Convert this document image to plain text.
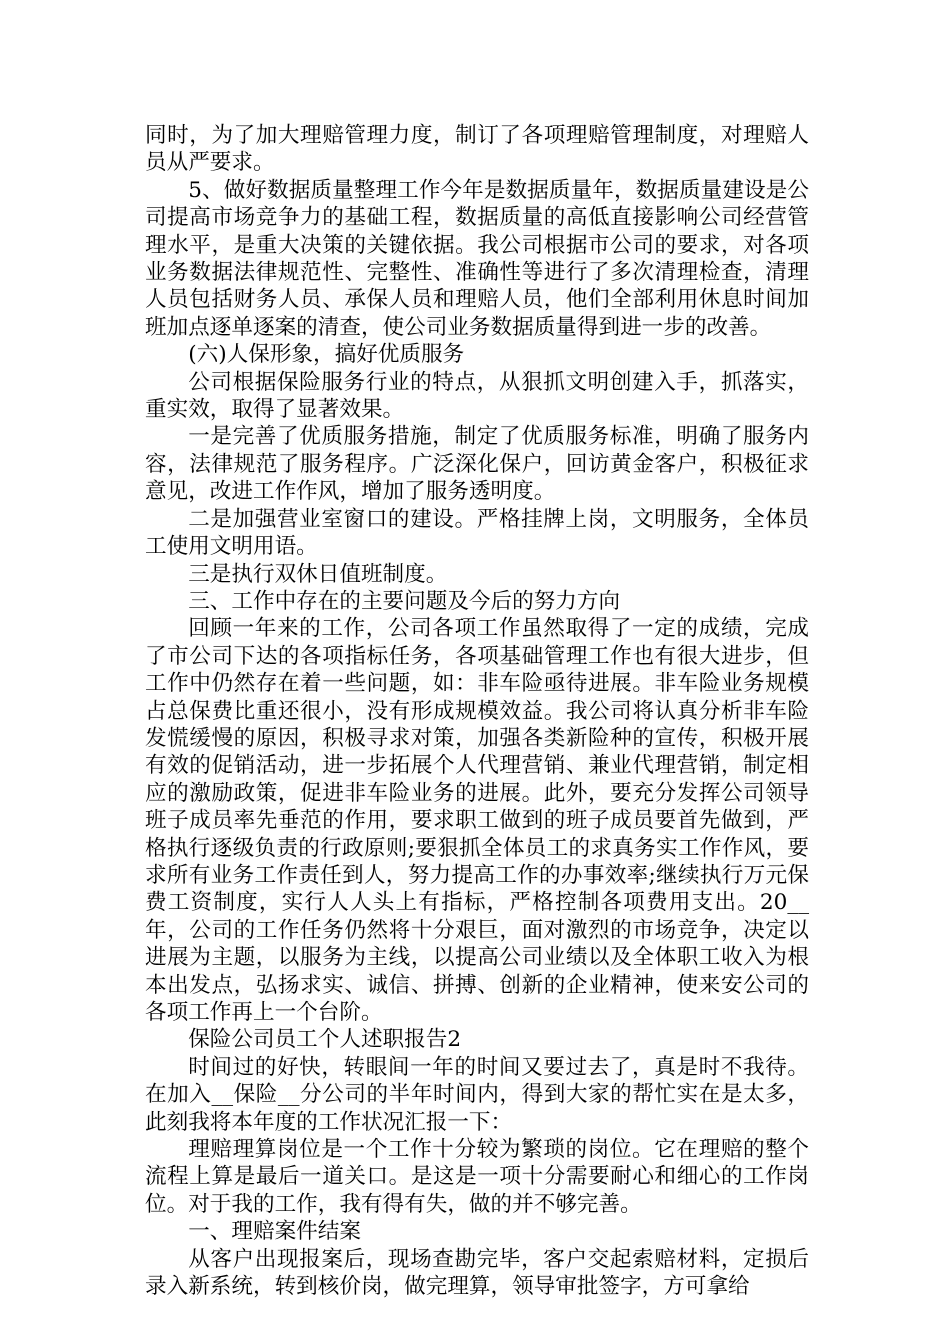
同时，为了加大理赔管理力度，制订了各项理赔管理制度，对理赔人员从严要求。

5、做好数据质量整理工作今年是数据质量年，数据质量建设是公司提高市场竞争力的基础工程，数据质量的高低直接影响公司经营管理水平，是重大决策的关键依据。我公司根据市公司的要求，对各项业务数据法律规范性、完整性、准确性等进行了多次清理检查，清理人员包括财务人员、承保人员和理赔人员，他们全部利用休息时间加班加点逐单逐案的清查，使公司业务数据质量得到进一步的改善。

(六)人保形象，搞好优质服务

公司根据保险服务行业的特点，从狠抓文明创建入手，抓落实，重实效，取得了显著效果。

一是完善了优质服务措施，制定了优质服务标准，明确了服务内容，法律规范了服务程序。广泛深化保户，回访黄金客户，积极征求意见，改进工作作风，增加了服务透明度。

二是加强营业室窗口的建设。严格挂牌上岗，文明服务，全体员工使用文明用语。

三是执行双休日值班制度。

三、工作中存在的主要问题及今后的努力方向

回顾一年来的工作，公司各项工作虽然取得了一定的成绩，完成了市公司下达的各项指标任务，各项基础管理工作也有很大进步，但工作中仍然存在着一些问题，如：非车险亟待进展。非车险业务规模占总保费比重还很小，没有形成规模效益。我公司将认真分析非车险发慌缓慢的原因，积极寻求对策，加强各类新险种的宣传，积极开展有效的促销活动，进一步拓展个人代理营销、兼业代理营销，制定相应的激励政策，促进非车险业务的进展。此外，要充分发挥公司领导班子成员率先垂范的作用，要求职工做到的班子成员要首先做到，严格执行逐级负责的行政原则;要狠抓全体员工的求真务实工作作风，要求所有业务工作责任到人，努力提高工作的办事效率;继续执行万元保费工资制度，实行人人头上有指标，严格控制各项费用支出。20__年，公司的工作任务仍然将十分艰巨，面对激烈的市场竞争，决定以进展为主题，以服务为主线，以提高公司业绩以及全体职工收入为根本出发点，弘扬求实、诚信、拼搏、创新的企业精神，使来安公司的各项工作再上一个台阶。

保险公司员工个人述职报告2

时间过的好快，转眼间一年的时间又要过去了，真是时不我待。在加入__保险__分公司的半年时间内，得到大家的帮忙实在是太多，此刻我将本年度的工作状况汇报一下：

理赔理算岗位是一个工作十分较为繁琐的岗位。它在理赔的整个流程上算是最后一道关口。是这是一项十分需要耐心和细心的工作岗位。对于我的工作，我有得有失，做的并不够完善。

一、理赔案件结案

从客户出现报案后，现场查勘完毕，客户交起索赔材料，定损后录入新系统，转到核价岗，做完理算，领导审批签字，方可拿给
